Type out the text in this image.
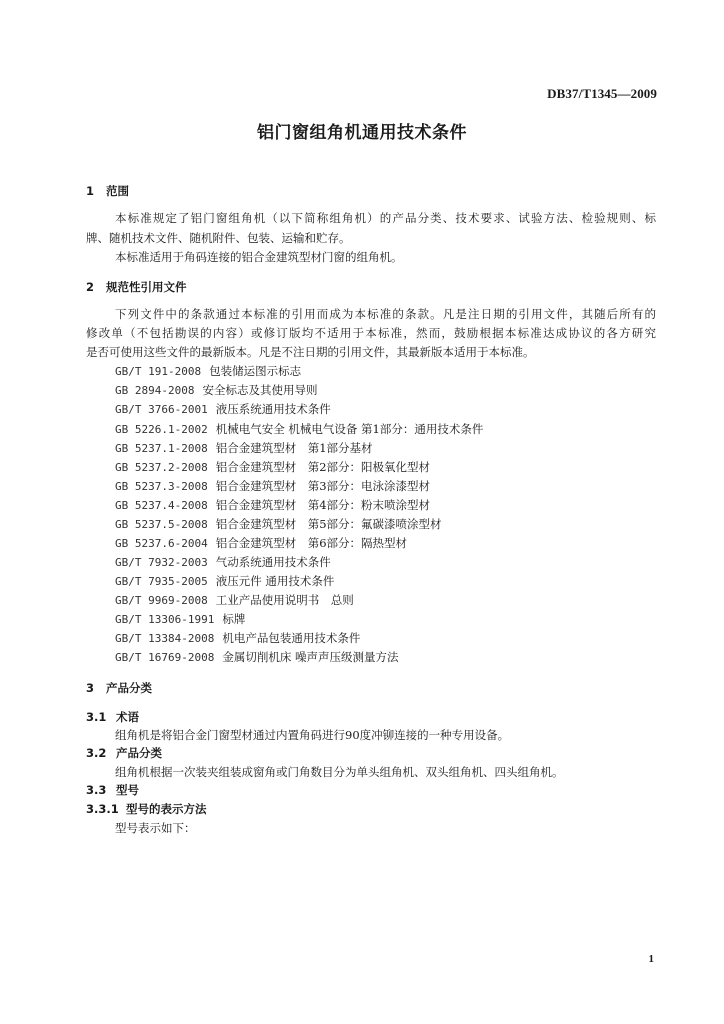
DB37/T1345—2009
铝门窗组角机通用技术条件
1 范围
本标准规定了铝门窗组角机（以下简称组角机）的产品分类、技术要求、试验方法、检验规则、标
牌、随机技术文件、随机附件、包装、运输和贮存。
本标准适用于角码连接的铝合金建筑型材门窗的组角机。
2 规范性引用文件
下列文件中的条款通过本标准的引用而成为本标准的条款。凡是注日期的引用文件，其随后所有的
修改单（不包括勘误的内容）或修订版均不适用于本标准，然而，鼓励根据本标准达成协议的各方研究
是否可使用这些文件的最新版本。凡是不注日期的引用文件，其最新版本适用于本标准。
GB/T 191-2008 包装储运图示标志
GB 2894-2008 安全标志及其使用导则
GB/T 3766-2001 液压系统通用技术条件
GB 5226.1-2002 机械电气安全 机械电气设备 第1部分：通用技术条件
GB 5237.1-2008 铝合金建筑型材　第1部分基材
GB 5237.2-2008 铝合金建筑型材　第2部分：阳极氧化型材
GB 5237.3-2008 铝合金建筑型材　第3部分：电泳涂漆型材
GB 5237.4-2008 铝合金建筑型材　第4部分：粉末喷涂型材
GB 5237.5-2008 铝合金建筑型材　第5部分：氟碳漆喷涂型材
GB 5237.6-2004 铝合金建筑型材　第6部分：隔热型材
GB/T 7932-2003 气动系统通用技术条件
GB/T 7935-2005 液压元件 通用技术条件
GB/T 9969-2008 工业产品使用说明书　总则
GB/T 13306-1991 标牌
GB/T 13384-2008 机电产品包装通用技术条件
GB/T 16769-2008 金属切削机床 噪声声压级测量方法
3 产品分类
3.1 术语
组角机是将铝合金门窗型材通过内置角码进行90度冲铆连接的一种专用设备。
3.2 产品分类
组角机根据一次装夹组装成窗角或门角数目分为单头组角机、双头组角机、四头组角机。
3.3 型号
3.3.1 型号的表示方法
型号表示如下：
1
